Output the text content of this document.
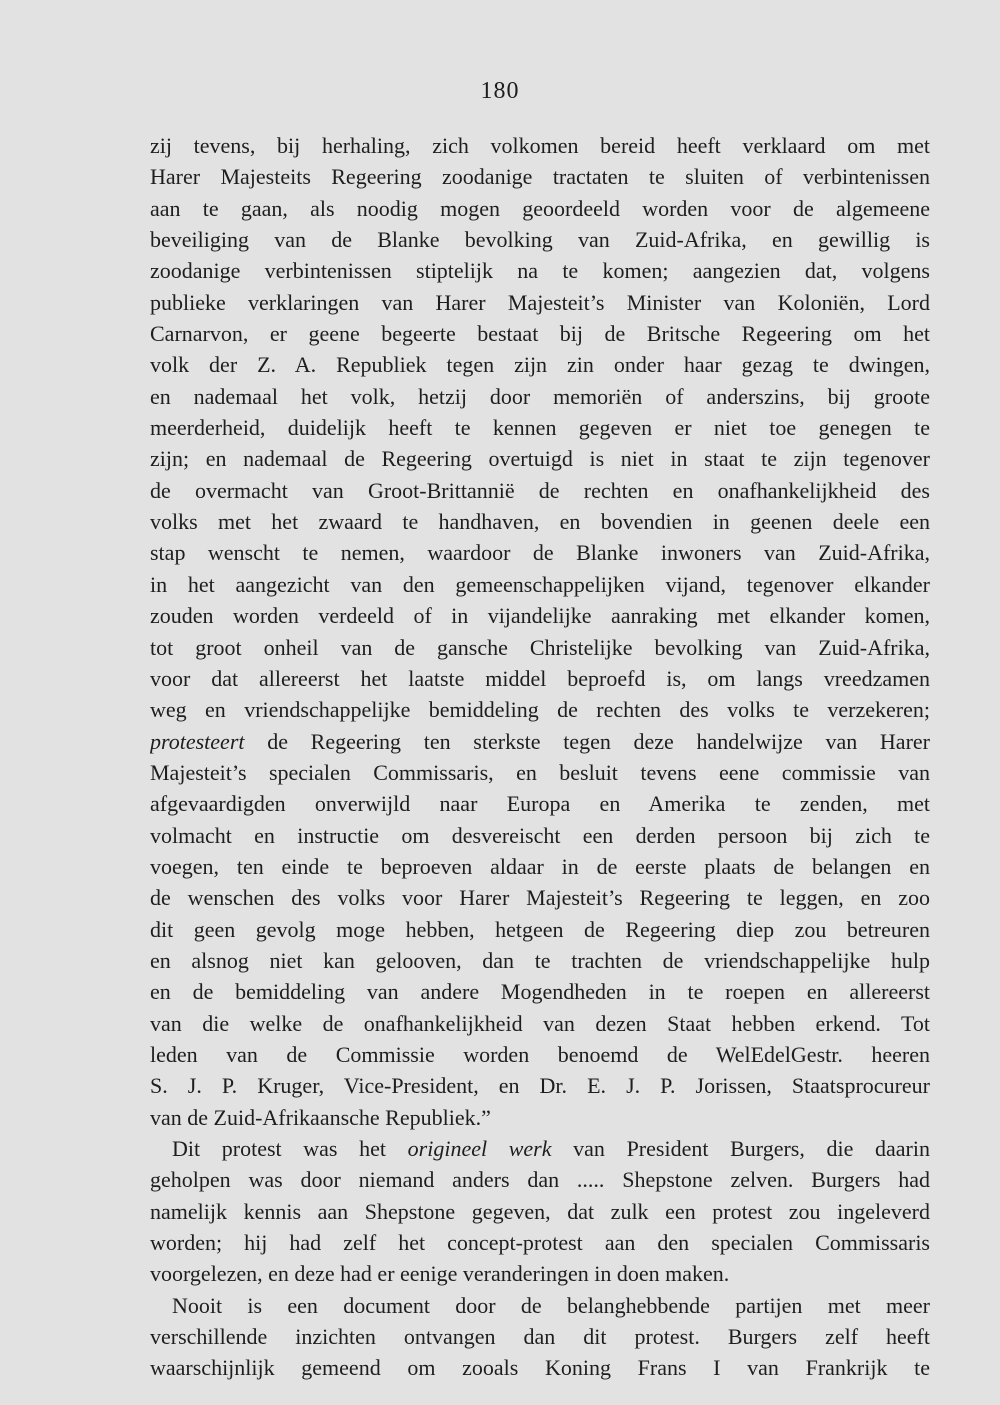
180
zij tevens, bij herhaling, zich volkomen bereid heeft verklaard om met
Harer Majesteits Regeering zoodanige tractaten te sluiten of verbintenissen
aan te gaan, als noodig mogen geoordeeld worden voor de algemeene
beveiliging van de Blanke bevolking van Zuid-Afrika, en gewillig is
zoodanige verbintenissen stiptelijk na te komen; aangezien dat, volgens
publieke verklaringen van Harer Majesteit’s Minister van Koloniën, Lord
Carnarvon, er geene begeerte bestaat bij de Britsche Regeering om het
volk der Z. A. Republiek tegen zijn zin onder haar gezag te dwingen,
en nademaal het volk, hetzij door memoriën of anderszins, bij groote
meerderheid, duidelijk heeft te kennen gegeven er niet toe genegen te
zijn; en nademaal de Regeering overtuigd is niet in staat te zijn tegenover
de overmacht van Groot-Brittannië de rechten en onafhankelijkheid des
volks met het zwaard te handhaven, en bovendien in geenen deele een
stap wenscht te nemen, waardoor de Blanke inwoners van Zuid-Afrika,
in het aangezicht van den gemeenschappelijken vijand, tegenover elkander
zouden worden verdeeld of in vijandelijke aanraking met elkander komen,
tot groot onheil van de gansche Christelijke bevolking van Zuid-Afrika,
voor dat allereerst het laatste middel beproefd is, om langs vreedzamen
weg en vriendschappelijke bemiddeling de rechten des volks te verzekeren;
protesteert de Regeering ten sterkste tegen deze handelwijze van Harer
Majesteit’s specialen Commissaris, en besluit tevens eene commissie van
afgevaardigden onverwijld naar Europa en Amerika te zenden, met
volmacht en instructie om desvereischt een derden persoon bij zich te
voegen, ten einde te beproeven aldaar in de eerste plaats de belangen en
de wenschen des volks voor Harer Majesteit’s Regeering te leggen, en zoo
dit geen gevolg moge hebben, hetgeen de Regeering diep zou betreuren
en alsnog niet kan gelooven, dan te trachten de vriendschappelijke hulp
en de bemiddeling van andere Mogendheden in te roepen en allereerst
van die welke de onafhankelijkheid van dezen Staat hebben erkend. Tot
leden van de Commissie worden benoemd de WelEdelGestr. heeren
S. J. P. Kruger, Vice-President, en Dr. E. J. P. Jorissen, Staatsprocureur
van de Zuid-Afrikaansche Republiek.”
Dit protest was het origineel werk van President Burgers, die daarin
geholpen was door niemand anders dan ..... Shepstone zelven. Burgers had
namelijk kennis aan Shepstone gegeven, dat zulk een protest zou ingeleverd
worden; hij had zelf het concept-protest aan den specialen Commissaris
voorgelezen, en deze had er eenige veranderingen in doen maken.
Nooit is een document door de belanghebbende partijen met meer
verschillende inzichten ontvangen dan dit protest. Burgers zelf heeft
waarschijnlijk gemeend om zooals Koning Frans I van Frankrijk te
